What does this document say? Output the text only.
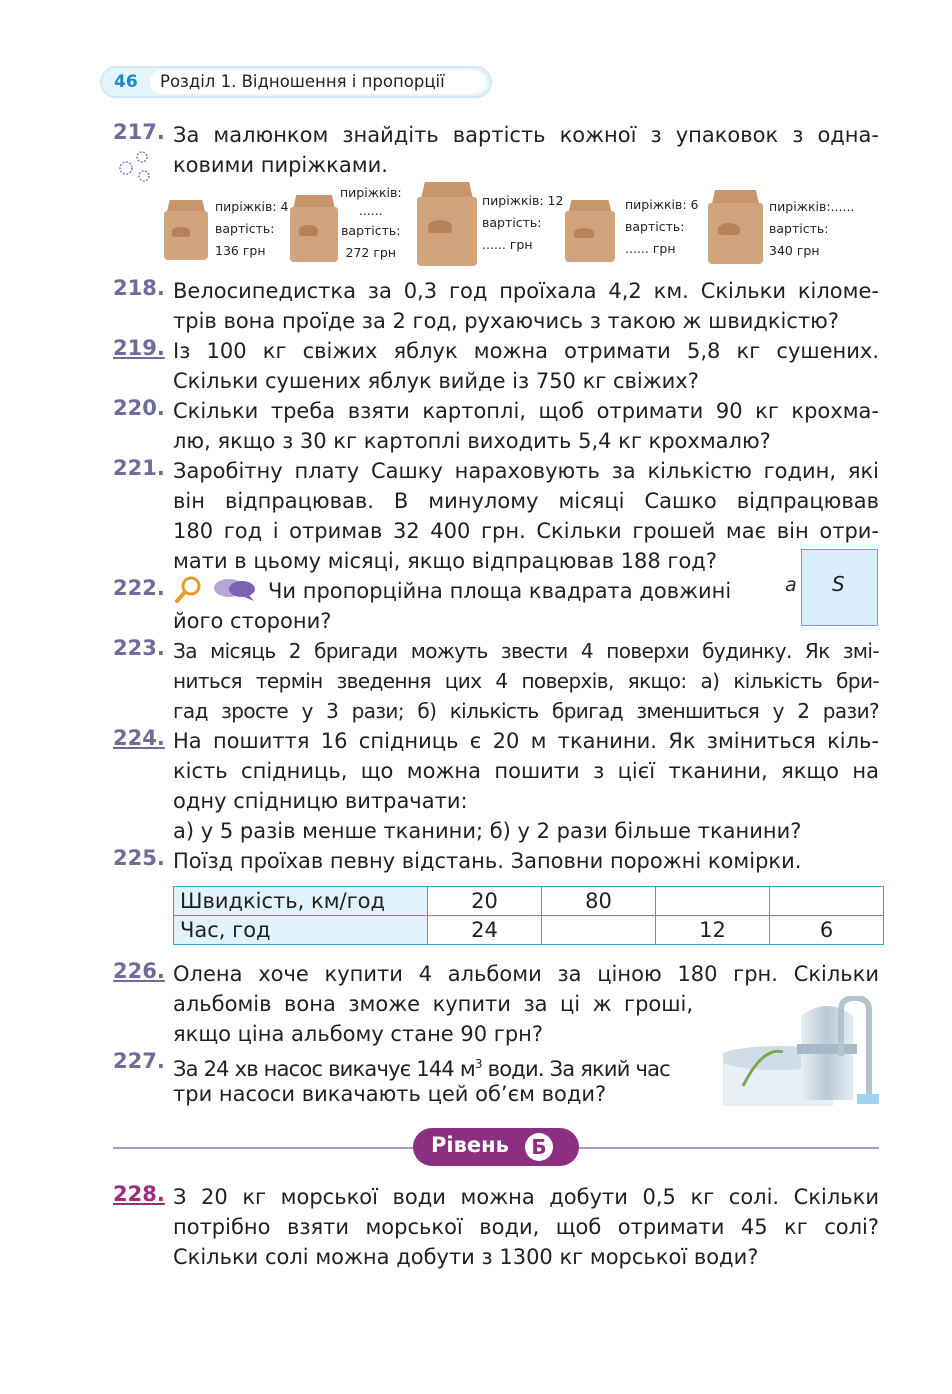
46	Розділ 1. Відношення і пропорції
217. За малюнком знайдіть вартість кожної з упаковок з одна-
ковими пиріжками.
пиріжків: 4
вартість:
136 грн
пиріжків:
......
вартість:
272 грн
пиріжків: 12
вартість:
...... грн
пиріжків: 6
вартість:
...... грн
пиріжків:......
вартість:
340 грн
218. Велосипедистка за 0,3 год проїхала 4,2 км. Скільки кіломе-
трів вона проїде за 2 год, рухаючись з такою ж швидкістю?
219. Із 100 кг свіжих яблук можна отримати 5,8 кг сушених.
Скільки сушених яблук вийде із 750 кг свіжих?
220. Скільки треба взяти картоплі, щоб отримати 90 кг крохма-
лю, якщо з 30 кг картоплі виходить 5,4 кг крохмалю?
221. Заробітну плату Сашку нараховують за кількістю годин, які
він відпрацював. В минулому місяці Сашко відпрацював
180 год і отримав 32 400 грн. Скільки грошей має він отри-
мати в цьому місяці, якщо відпрацював 188 год?
222.	Чи пропорційна площа квадрата довжині
його сторони?
S
a
223. За місяць 2 бригади можуть звести 4 поверхи будинку. Як змі-
ниться термін зведення цих 4 поверхів, якщо: а) кількість бри-
гад зросте у 3 рази; б) кількість бригад зменшиться у 2 рази?
224. На пошиття 16 спідниць є 20 м тканини. Як зміниться кіль-
кість спідниць, що можна пошити з цієї тканини, якщо на
одну спідницю витрачати:
а) у 5 разів менше тканини; б) у 2 рази більше тканини?
225. Поїзд проїхав певну відстань. Заповни порожні комірки.
Швидкість, км/год	20	80		
Час, год	24		12	6
226. Олена хоче купити 4 альбоми за ціною 180 грн. Скільки
альбомів вона зможе купити за ці ж гроші,
якщо ціна альбому стане 90 грн?
227. За 24 хв насос викачує 144 $м^3$ води. За який час
три насоси викачають цей об’єм води?
Рівень	Б
228. З 20 кг морської води можна добути 0,5 кг солі. Скільки
потрібно взяти морської води, щоб отримати 45 кг солі?
Скільки солі можна добути з 1300 кг морської води?
